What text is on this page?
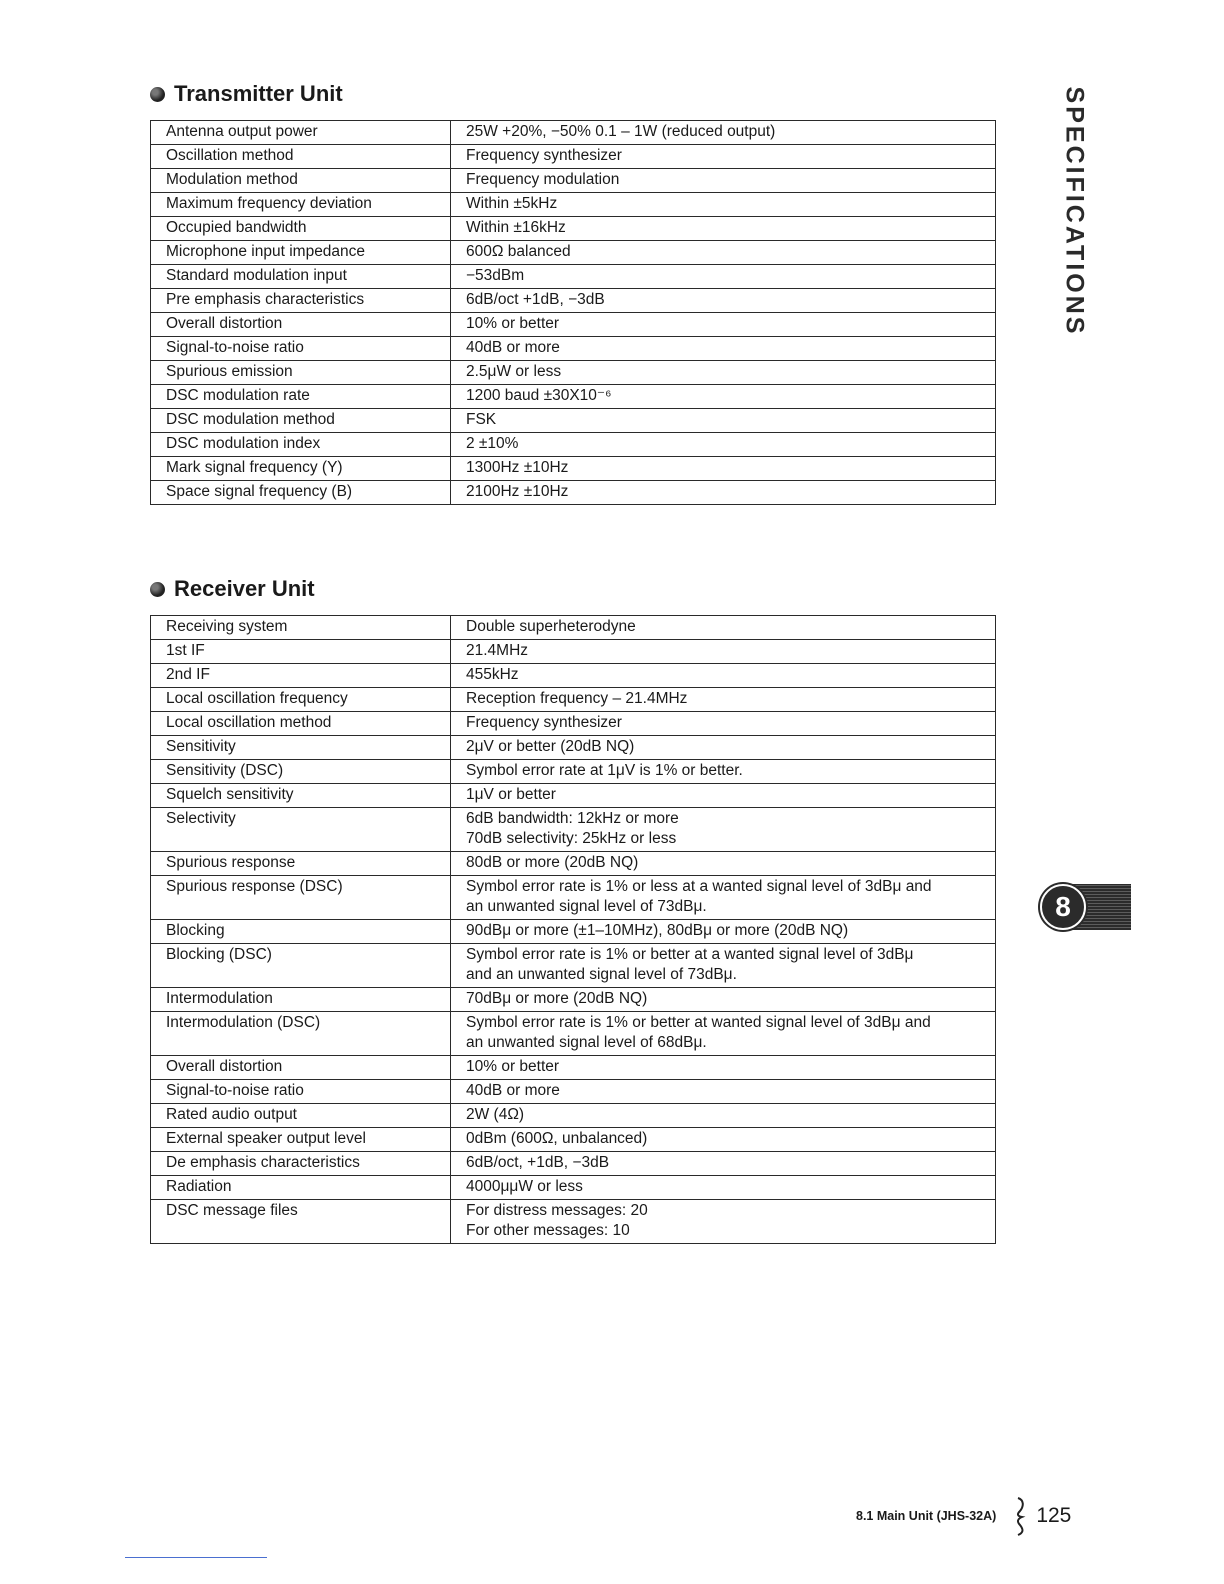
Transmitter Unit
Antenna output power	25W +20%, −50% 0.1 – 1W (reduced output)
Oscillation method	Frequency synthesizer
Modulation method	Frequency modulation
Maximum frequency deviation	Within ±5kHz
Occupied bandwidth	Within ±16kHz
Microphone input impedance	600Ω balanced
Standard modulation input	−53dBm
Pre emphasis characteristics	6dB/oct +1dB, −3dB
Overall distortion	10% or better
Signal-to-noise ratio	40dB or more
Spurious emission	2.5μW or less
DSC modulation rate	1200 baud ±30X10⁻⁶
DSC modulation method	FSK
DSC modulation index	2 ±10%
Mark signal frequency (Y)	1300Hz ±10Hz
Space signal frequency (B)	2100Hz ±10Hz
Receiver Unit
Receiving system	Double superheterodyne
1st IF	21.4MHz
2nd IF	455kHz
Local oscillation frequency	Reception frequency – 21.4MHz
Local oscillation method	Frequency synthesizer
Sensitivity	2μV or better (20dB NQ)
Sensitivity (DSC)	Symbol error rate at 1μV is 1% or better.
Squelch sensitivity	1μV or better
Selectivity	6dB bandwidth: 12kHz or more
70dB selectivity: 25kHz or less
Spurious response	80dB or more (20dB NQ)
Spurious response (DSC)	Symbol error rate is 1% or less at a wanted signal level of 3dBμ and
an unwanted signal level of 73dBμ.
Blocking	90dBμ or more (±1–10MHz), 80dBμ or more (20dB NQ)
Blocking (DSC)	Symbol error rate is 1% or better at a wanted signal level of 3dBμ
and an unwanted signal level of 73dBμ.
Intermodulation	70dBμ or more (20dB NQ)
Intermodulation (DSC)	Symbol error rate is 1% or better at wanted signal level of 3dBμ and
an unwanted signal level of 68dBμ.
Overall distortion	10% or better
Signal-to-noise ratio	40dB or more
Rated audio output	2W (4Ω)
External speaker output level	0dBm (600Ω, unbalanced)
De emphasis characteristics	6dB/oct, +1dB, −3dB
Radiation	4000μμW or less
DSC message files	For distress messages: 20
For other messages: 10
SPECIFICATIONS
8
8.1 Main Unit (JHS-32A) 125
